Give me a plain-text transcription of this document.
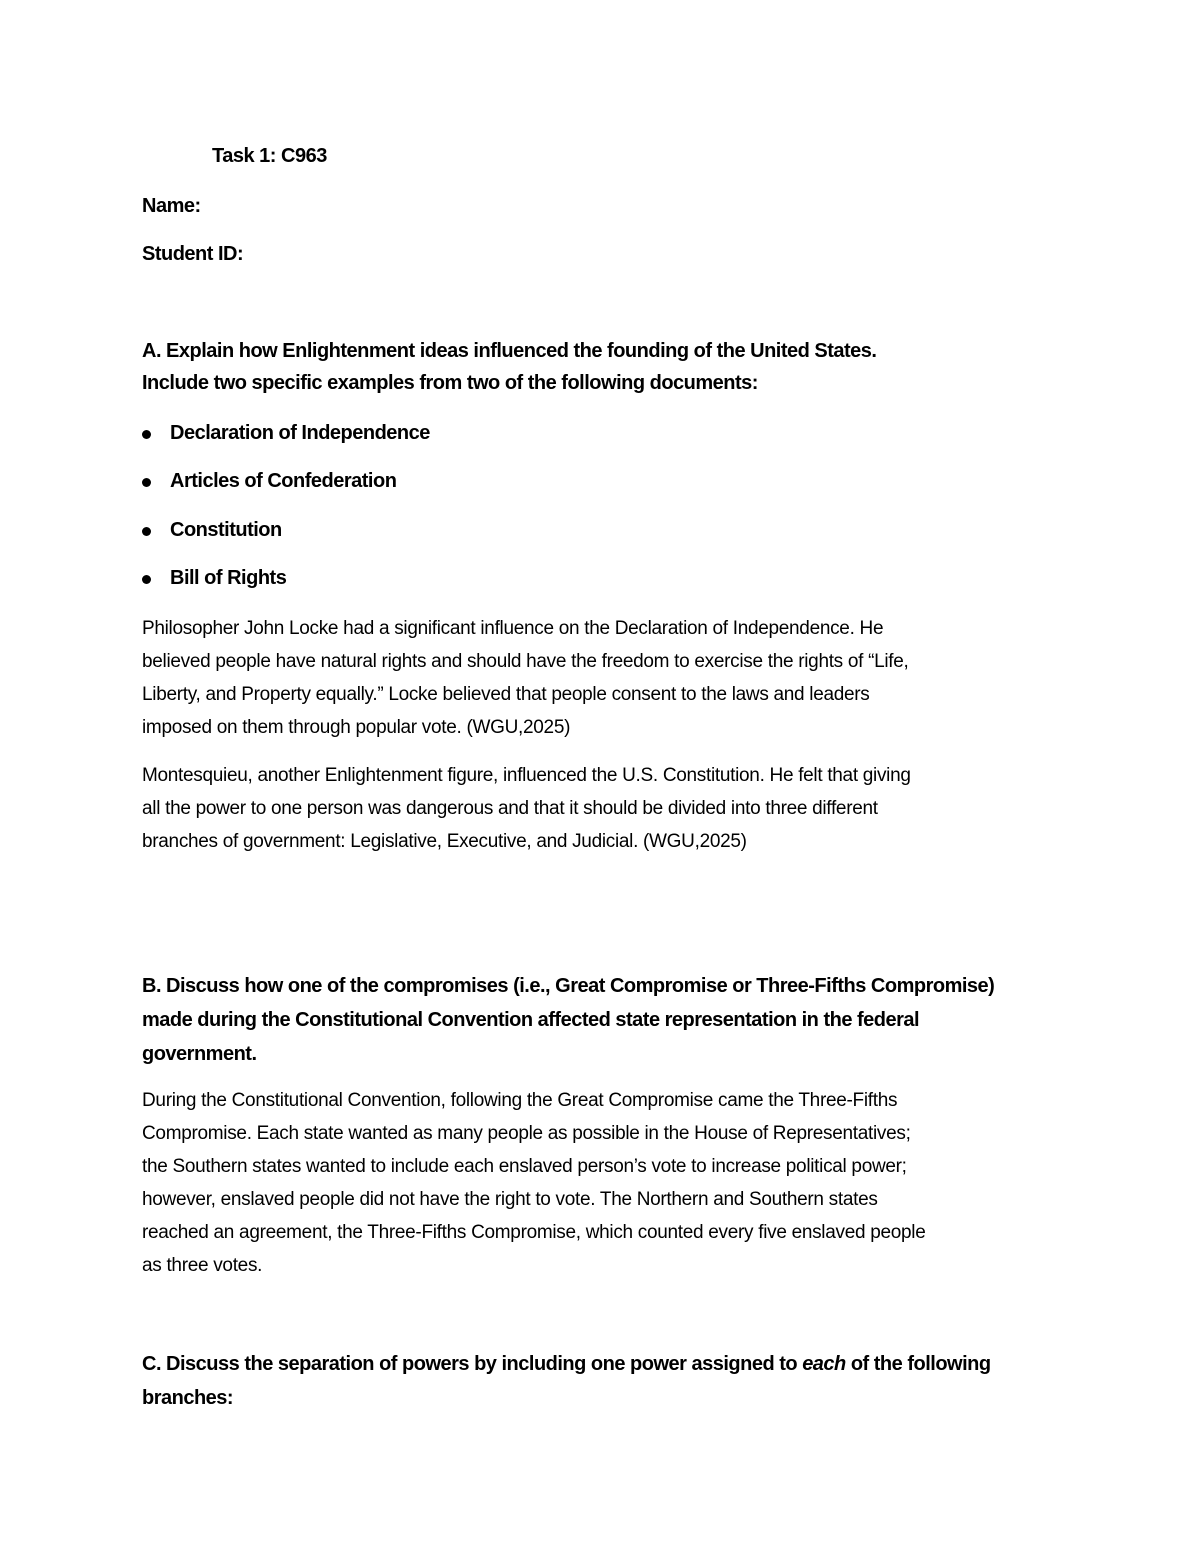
Task 1: C963
Name:
Student ID:
A. Explain how Enlightenment ideas influenced the founding of the United States.
Include two specific examples from two of the following documents:
Declaration of Independence
Articles of Confederation
Constitution
Bill of Rights
Philosopher John Locke had a significant influence on the Declaration of Independence. He
believed people have natural rights and should have the freedom to exercise the rights of “Life,
Liberty, and Property equally.” Locke believed that people consent to the laws and leaders
imposed on them through popular vote. (WGU,2025)
Montesquieu, another Enlightenment figure, influenced the U.S. Constitution. He felt that giving
all the power to one person was dangerous and that it should be divided into three different
branches of government: Legislative, Executive, and Judicial. (WGU,2025)
B. Discuss how one of the compromises (i.e., Great Compromise or Three-Fifths Compromise)
made during the Constitutional Convention affected state representation in the federal
government.
During the Constitutional Convention, following the Great Compromise came the Three-Fifths
Compromise. Each state wanted as many people as possible in the House of Representatives;
the Southern states wanted to include each enslaved person’s vote to increase political power;
however, enslaved people did not have the right to vote. The Northern and Southern states
reached an agreement, the Three-Fifths Compromise, which counted every five enslaved people
as three votes.
C. Discuss the separation of powers by including one power assigned to each of the following
branches:
